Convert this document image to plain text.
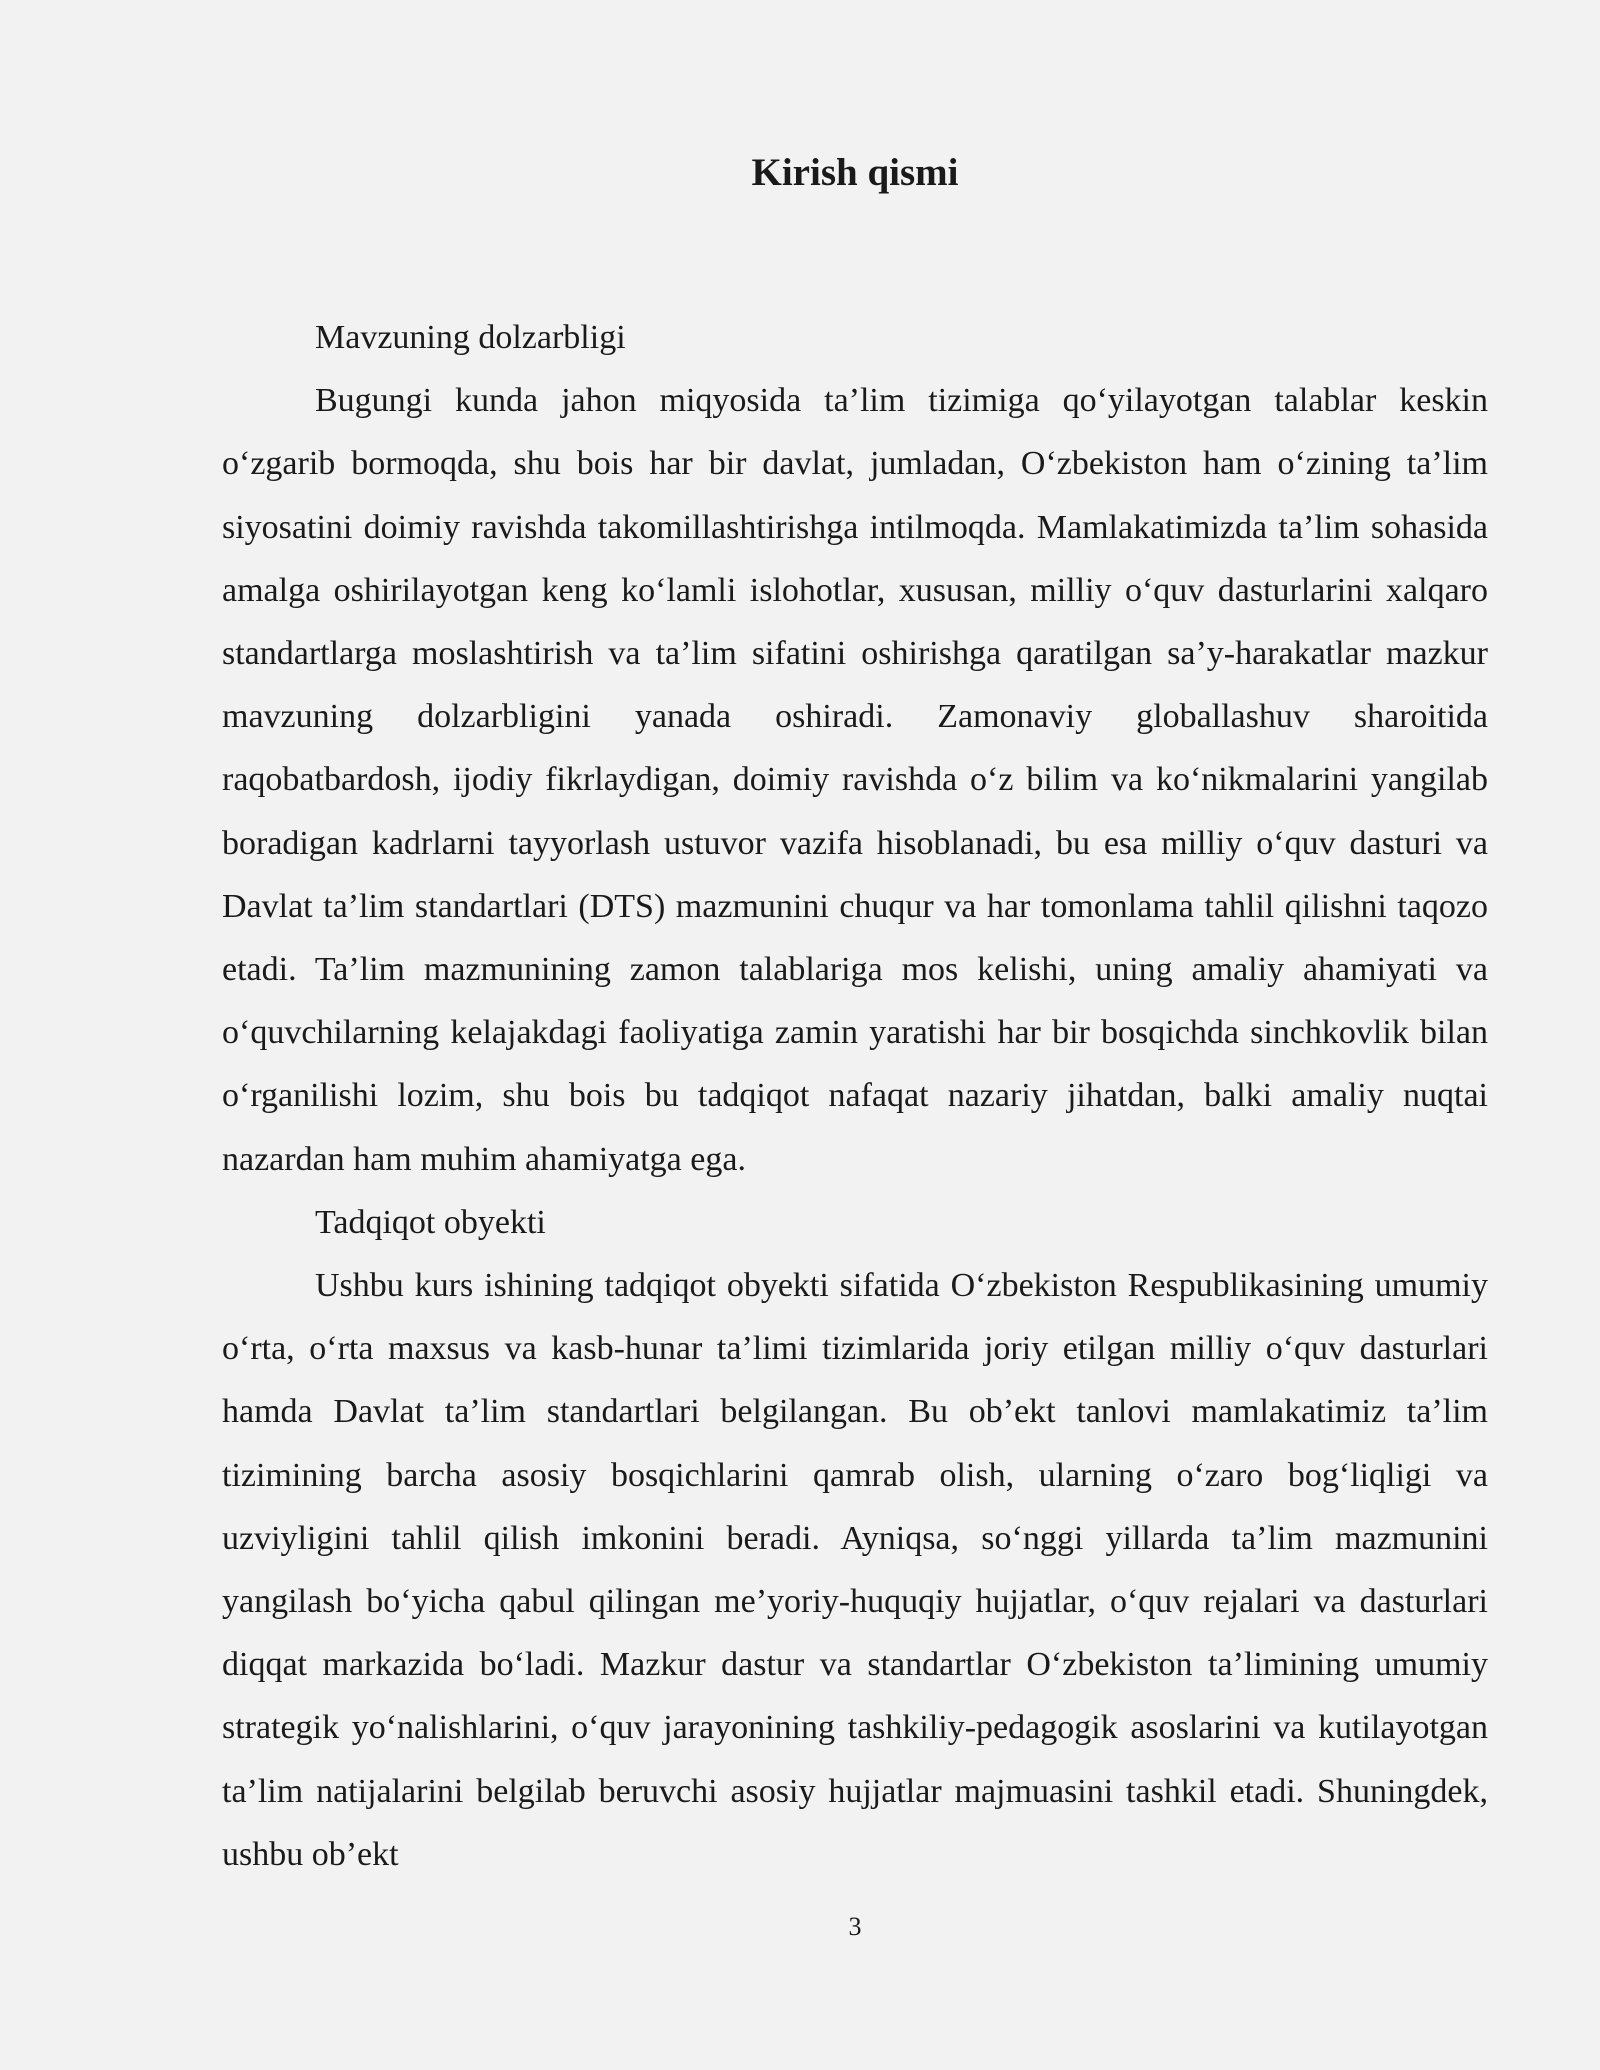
Kirish qismi

Mavzuning dolzarbligi

Bugungi kunda jahon miqyosida ta’lim tizimiga qo‘yilayotgan talablar keskin o‘zgarib bormoqda, shu bois har bir davlat, jumladan, O‘zbekiston ham o‘zining ta’lim siyosatini doimiy ravishda takomillashtirishga intilmoqda. Mamlakatimizda ta’lim sohasida amalga oshirilayotgan keng ko‘lamli islohotlar, xususan, milliy o‘quv dasturlarini xalqaro standartlarga moslashtirish va ta’lim sifatini oshirishga qaratilgan sa’y-harakatlar mazkur mavzuning dolzarbligini yanada oshiradi. Zamonaviy globallashuv sharoitida raqobatbardosh, ijodiy fikrlaydigan, doimiy ravishda o‘z bilim va ko‘nikmalarini yangilab boradigan kadrlarni tayyorlash ustuvor vazifa hisoblanadi, bu esa milliy o‘quv dasturi va Davlat ta’lim standartlari (DTS) mazmunini chuqur va har tomonlama tahlil qilishni taqozo etadi. Ta’lim mazmunining zamon talablariga mos kelishi, uning amaliy ahamiyati va o‘quvchilarning kelajakdagi faoliyatiga zamin yaratishi har bir bosqichda sinchkovlik bilan o‘rganilishi lozim, shu bois bu tadqiqot nafaqat nazariy jihatdan, balki amaliy nuqtai nazardan ham muhim ahamiyatga ega.

Tadqiqot obyekti

Ushbu kurs ishining tadqiqot obyekti sifatida O‘zbekiston Respublikasining umumiy o‘rta, o‘rta maxsus va kasb-hunar ta’limi tizimlarida joriy etilgan milliy o‘quv dasturlari hamda Davlat ta’lim standartlari belgilangan. Bu ob’ekt tanlovi mamlakatimiz ta’lim tizimining barcha asosiy bosqichlarini qamrab olish, ularning o‘zaro bog‘liqligi va uzviyligini tahlil qilish imkonini beradi. Ayniqsa, so‘nggi yillarda ta’lim mazmunini yangilash bo‘yicha qabul qilingan me’yoriy-huquqiy hujjatlar, o‘quv rejalari va dasturlari diqqat markazida bo‘ladi. Mazkur dastur va standartlar O‘zbekiston ta’limining umumiy strategik yo‘nalishlarini, o‘quv jarayonining tashkiliy-pedagogik asoslarini va kutilayotgan ta’lim natijalarini belgilab beruvchi asosiy hujjatlar majmuasini tashkil etadi. Shuningdek, ushbu ob’ekt

3
